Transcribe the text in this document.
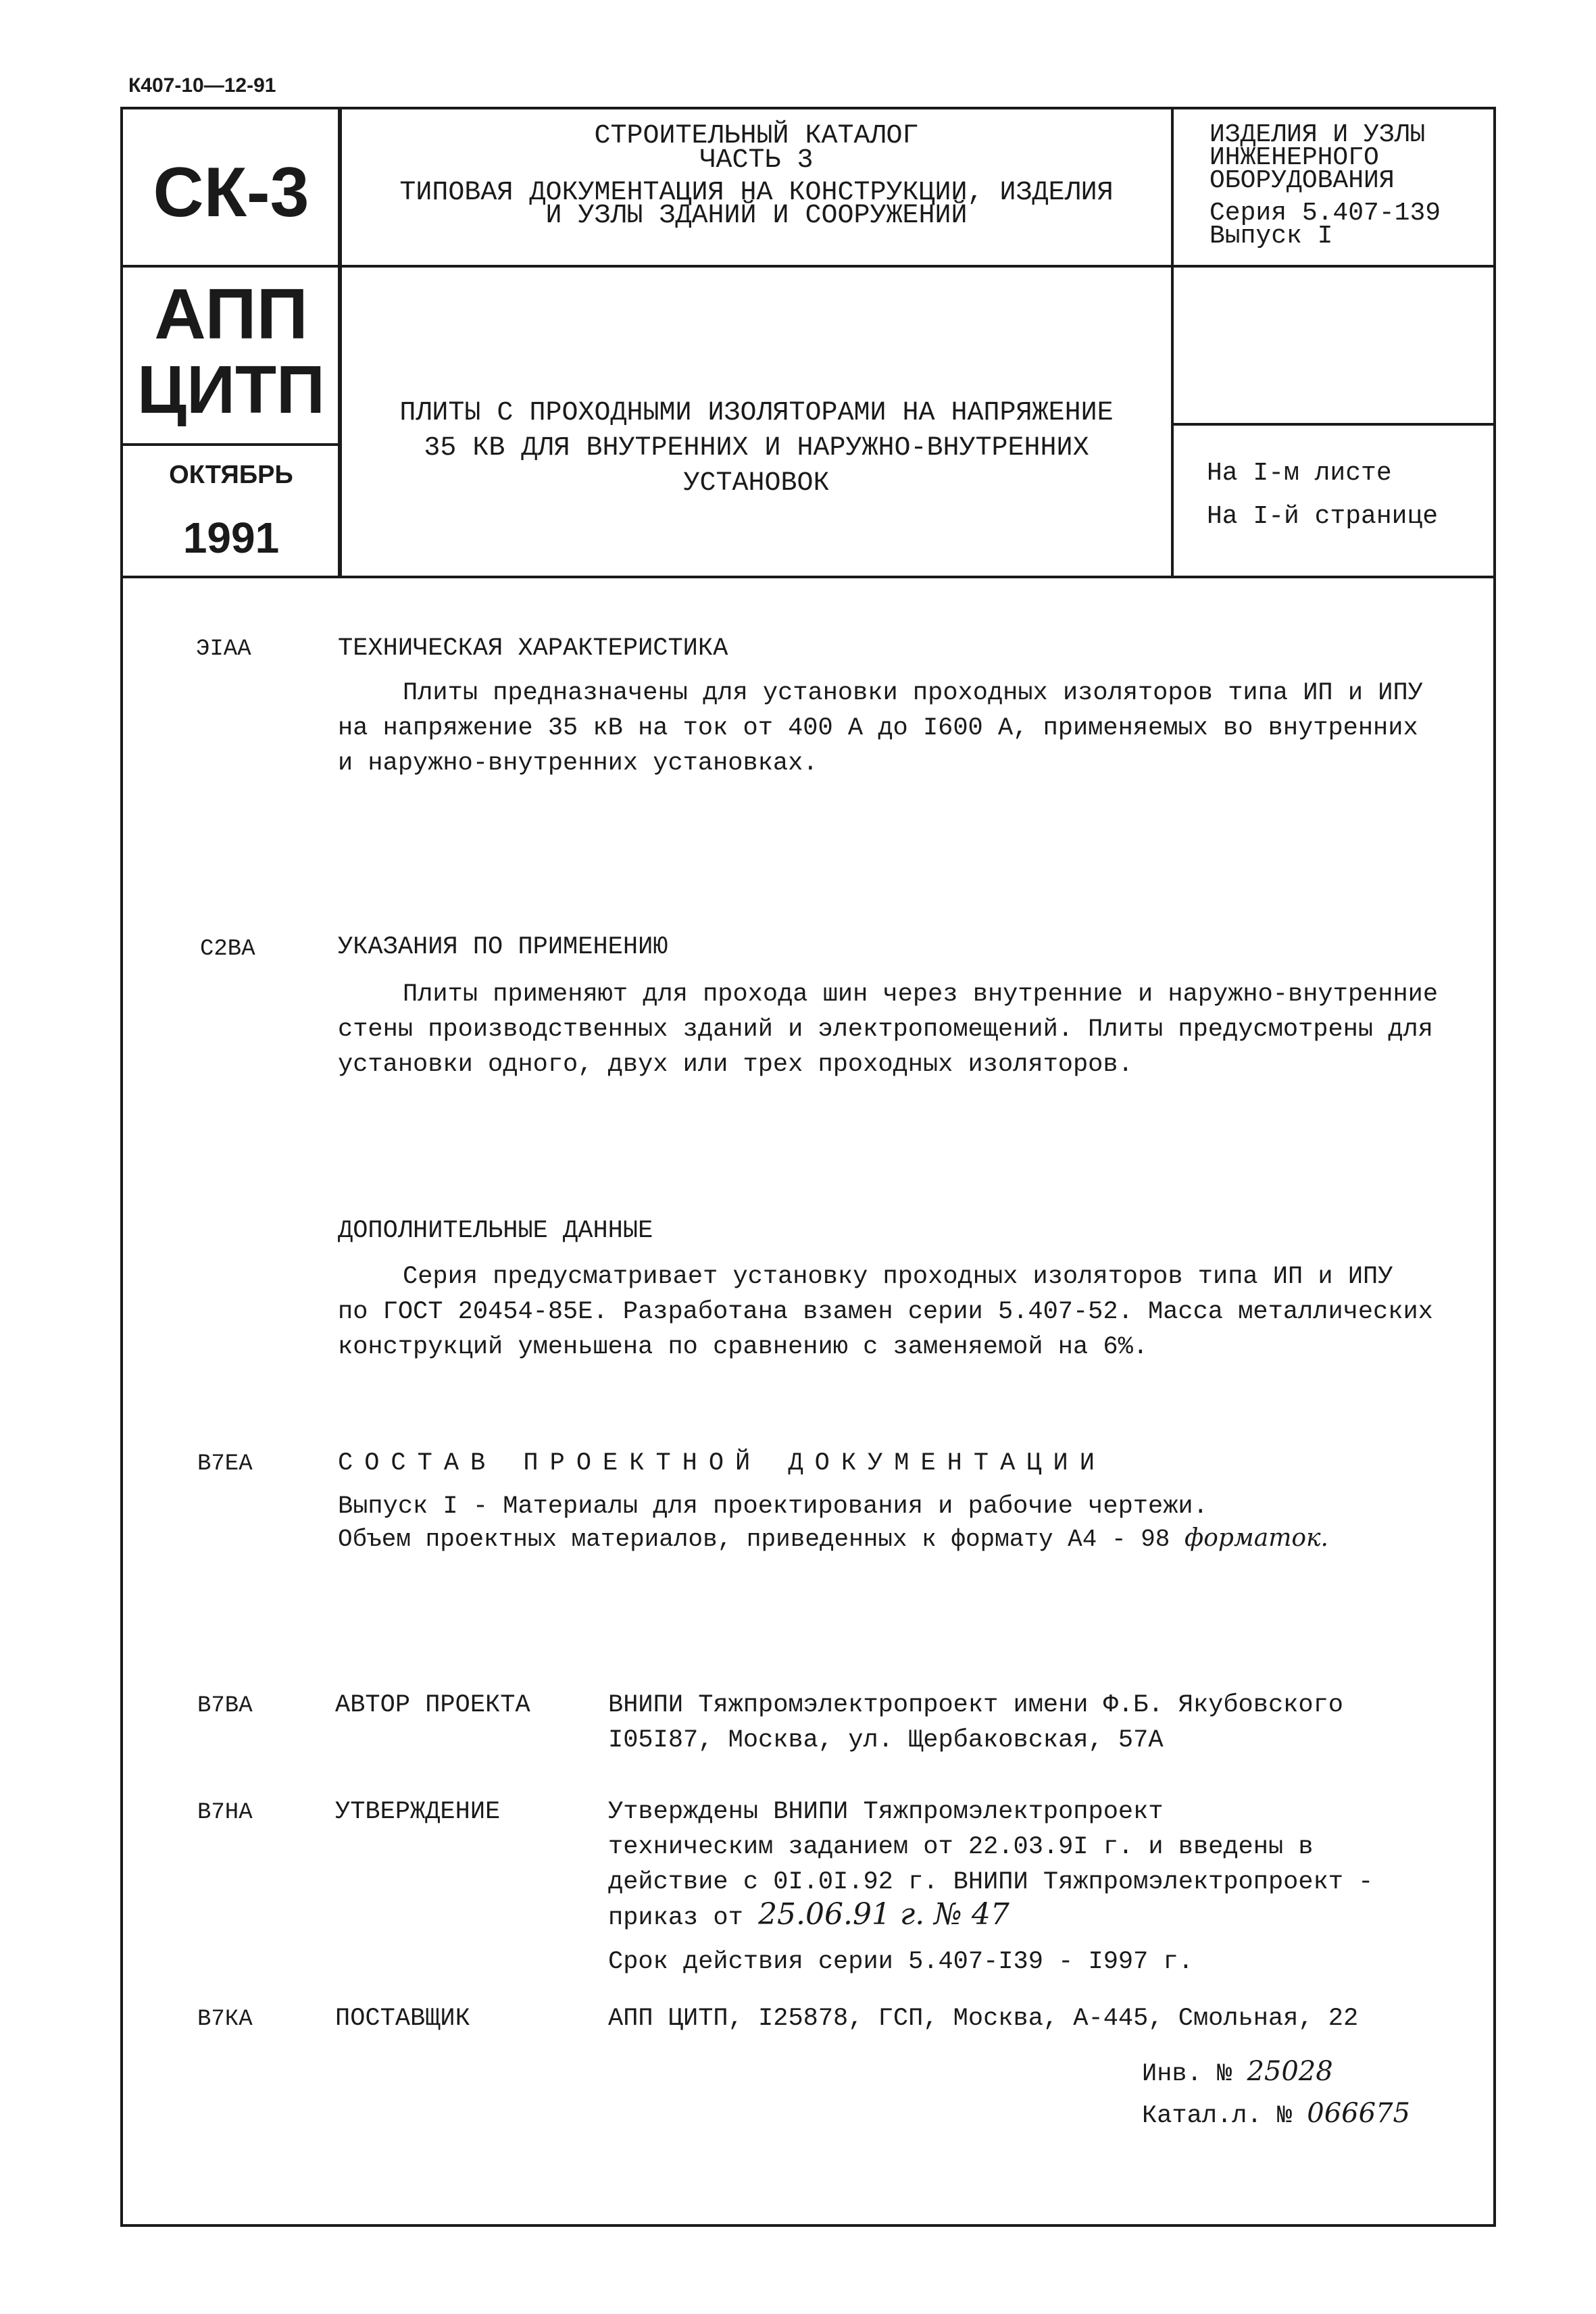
К407-10—12-91
СК-3
АПП
ЦИТП
ОКТЯБРЬ
1991
СТРОИТЕЛЬНЫЙ КАТАЛОГ
ЧАСТЬ 3
ТИПОВАЯ ДОКУМЕНТАЦИЯ НА КОНСТРУКЦИИ, ИЗДЕЛИЯ
И УЗЛЫ ЗДАНИЙ И СООРУЖЕНИЙ
ИЗДЕЛИЯ И УЗЛЫ
ИНЖЕНЕРНОГО
ОБОРУДОВАНИЯ
Серия 5.407-139
Выпуск I
ПЛИТЫ С ПРОХОДНЫМИ ИЗОЛЯТОРАМИ НА НАПРЯЖЕНИЕ
35 КВ ДЛЯ ВНУТРЕННИХ И НАРУЖНО-ВНУТРЕННИХ
УСТАНОВОК	На I-м листе
На I-й странице
ЭIAA	ТЕХНИЧЕСКАЯ ХАРАКТЕРИСТИКА
Плиты предназначены для установки проходных изоляторов типа ИП и ИПУ
на напряжение 35 кВ на ток от 400 А до I600 А, применяемых во внутренних
и наружно-внутренних установках.
С2ВА	УКАЗАНИЯ ПО ПРИМЕНЕНИЮ
Плиты применяют для прохода шин через внутренние и наружно-внутренние
стены производственных зданий и электропомещений. Плиты предусмотрены для
установки одного, двух или трех проходных изоляторов.
ДОПОЛНИТЕЛЬНЫЕ ДАННЫЕ
Серия предусматривает установку проходных изоляторов типа ИП и ИПУ
по ГОСТ 20454-85Е. Разработана взамен серии 5.407-52. Масса металлических
конструкций уменьшена по сравнению с заменяемой на 6%.
В7ЕА	СОСТАВ ПРОЕКТНОЙ ДОКУМЕНТАЦИИ
Выпуск I - Материалы для проектирования и рабочие чертежи.
Объем проектных материалов, приведенных к формату А4 - 98 форматок.
В7ВА	АВТОР ПРОЕКТА	ВНИПИ Тяжпромэлектропроект имени Ф.Б. Якубовского
I05I87, Москва, ул. Щербаковская, 57А
В7НА	УТВЕРЖДЕНИЕ	Утверждены ВНИПИ Тяжпромэлектропроект
техническим заданием от 22.03.9I г. и введены в
действие с 0I.0I.92 г. ВНИПИ Тяжпромэлектропроект -
приказ от 25.06.91 г. № 47
Срок действия серии 5.407-I39 - I997 г.
В7КА	ПОСТАВЩИК	АПП ЦИТП, I25878, ГСП, Москва, А-445, Смольная, 22
Инв. № 25028
Катал.л. № 066675
